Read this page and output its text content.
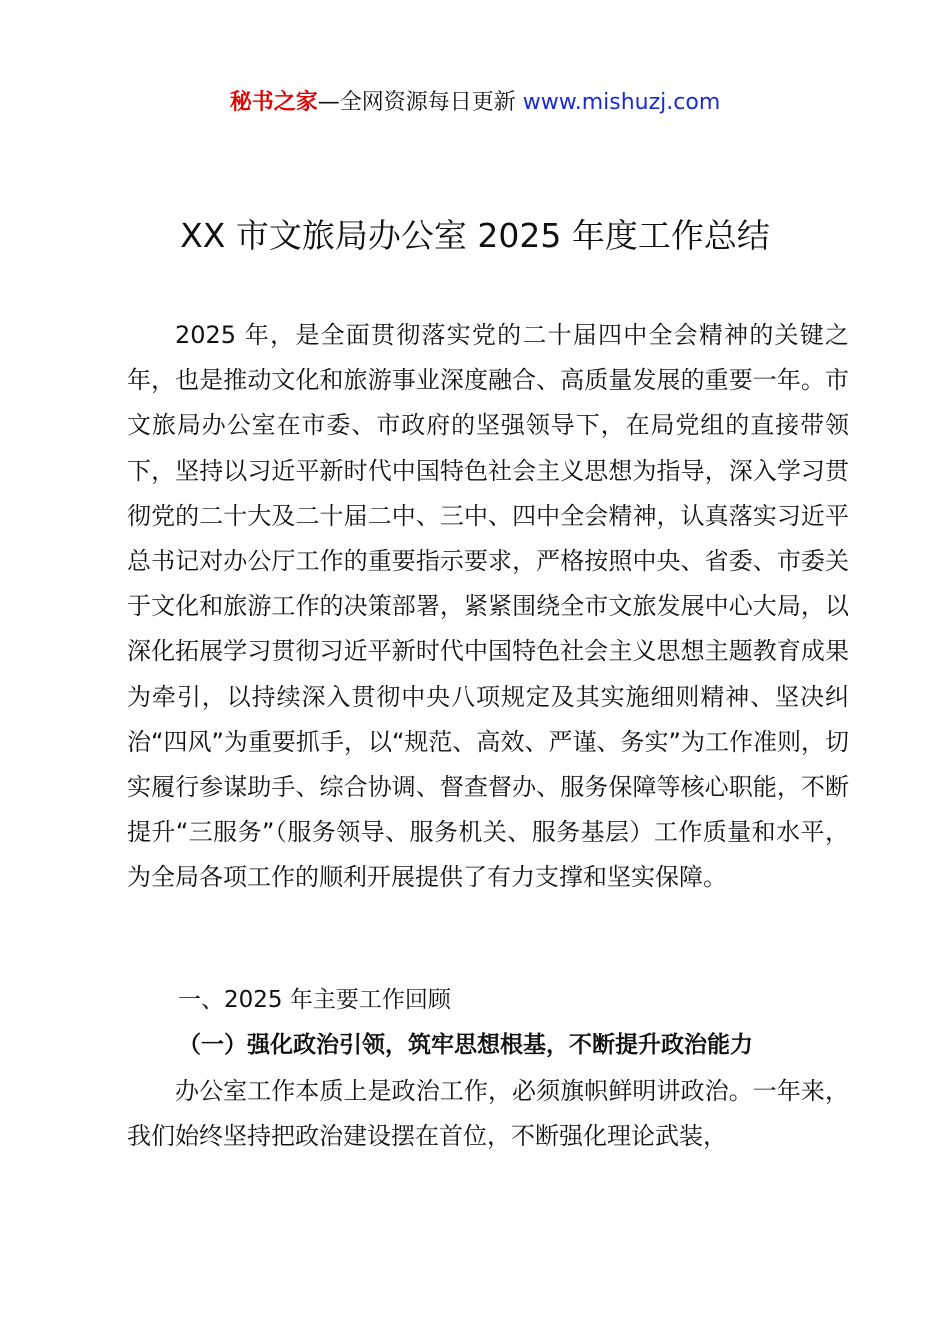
秘书之家—全网资源每日更新 www.mishuzj.com
XX 市文旅局办公室 2025 年度工作总结

2025 年，是全面贯彻落实党的二十届四中全会精神的关键之年，也是推动文化和旅游事业深度融合、高质量发展的重要一年。市文旅局办公室在市委、市政府的坚强领导下，在局党组的直接带领下，坚持以习近平新时代中国特色社会主义思想为指导，深入学习贯彻党的二十大及二十届二中、三中、四中全会精神，认真落实习近平总书记对办公厅工作的重要指示要求，严格按照中央、省委、市委关于文化和旅游工作的决策部署，紧紧围绕全市文旅发展中心大局，以深化拓展学习贯彻习近平新时代中国特色社会主义思想主题教育成果为牵引，以持续深入贯彻中央八项规定及其实施细则精神、坚决纠治“四风”为重要抓手，以“规范、高效、严谨、务实”为工作准则，切实履行参谋助手、综合协调、督查督办、服务保障等核心职能，不断提升“三服务”（服务领导、服务机关、服务基层）工作质量和水平，为全局各项工作的顺利开展提供了有力支撑和坚实保障。

一、2025 年主要工作回顾
（一）强化政治引领，筑牢思想根基，不断提升政治能力

办公室工作本质上是政治工作，必须旗帜鲜明讲政治。一年来，我们始终坚持把政治建设摆在首位，不断强化理论武装，
